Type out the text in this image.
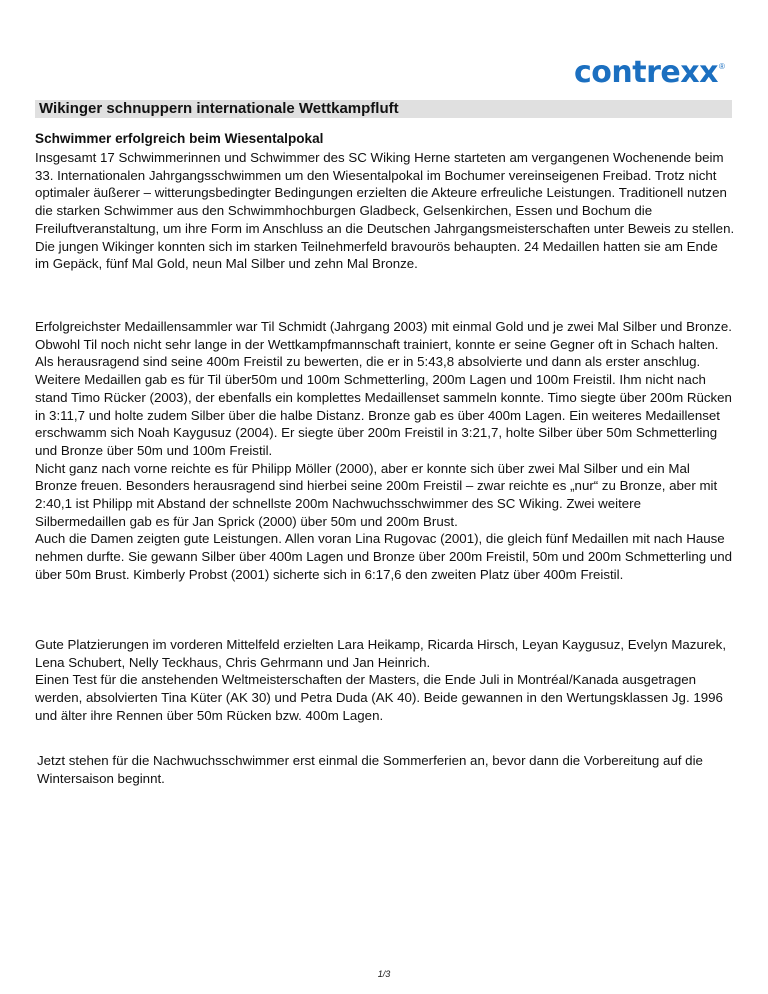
contrexx®
Wikinger schnuppern internationale Wettkampfluft
Schwimmer erfolgreich beim Wiesentalpokal

Insgesamt 17 Schwimmerinnen und Schwimmer des SC Wiking Herne starteten am vergangenen Wochenende beim 33. Internationalen Jahrgangsschwimmen um den Wiesentalpokal im Bochumer vereinseigenen Freibad. Trotz nicht optimaler äußerer – witterungsbedingter Bedingungen erzielten die Akteure erfreuliche Leistungen. Traditionell nutzen die starken Schwimmer aus den Schwimmhochburgen Gladbeck, Gelsenkirchen, Essen und Bochum die Freiluftveranstaltung, um ihre Form im Anschluss an die Deutschen Jahrgangsmeisterschaften unter Beweis zu stellen. Die jungen Wikinger konnten sich im starken Teilnehmerfeld bravourös behaupten. 24 Medaillen hatten sie am Ende im Gepäck, fünf Mal Gold, neun Mal Silber und zehn Mal Bronze.

Erfolgreichster Medaillensammler war Til Schmidt (Jahrgang 2003) mit einmal Gold und je zwei Mal Silber und Bronze. Obwohl Til noch nicht sehr lange in der Wettkampfmannschaft trainiert, konnte er seine Gegner oft in Schach halten. Als herausragend sind seine 400m Freistil zu bewerten, die er in 5:43,8 absolvierte und dann als erster anschlug. Weitere Medaillen gab es für Til über50m und 100m Schmetterling, 200m Lagen und 100m Freistil. Ihm nicht nach stand Timo Rücker (2003), der ebenfalls ein komplettes Medaillenset sammeln konnte. Timo siegte über 200m Rücken in 3:11,7 und holte zudem Silber über die halbe Distanz. Bronze gab es über 400m Lagen. Ein weiteres Medaillenset erschwamm sich Noah Kaygusuz (2004). Er siegte über 200m Freistil in 3:21,7, holte Silber über 50m Schmetterling und Bronze über 50m und 100m Freistil.
Nicht ganz nach vorne reichte es für Philipp Möller (2000), aber er konnte sich über zwei Mal Silber und ein Mal Bronze freuen. Besonders herausragend sind hierbei seine 200m Freistil – zwar reichte es „nur“ zu Bronze, aber mit 2:40,1 ist Philipp mit Abstand der schnellste 200m Nachwuchsschwimmer des SC Wiking. Zwei weitere Silbermedaillen gab es für Jan Sprick (2000) über 50m und 200m Brust.
Auch die Damen zeigten gute Leistungen. Allen voran Lina Rugovac (2001), die gleich fünf Medaillen mit nach Hause nehmen durfte. Sie gewann Silber über 400m Lagen und Bronze über 200m Freistil, 50m und 200m Schmetterling und über 50m Brust. Kimberly Probst (2001) sicherte sich in 6:17,6 den zweiten Platz über 400m Freistil.
Gute Platzierungen im vorderen Mittelfeld erzielten Lara Heikamp, Ricarda Hirsch, Leyan Kaygusuz, Evelyn Mazurek, Lena Schubert, Nelly Teckhaus, Chris Gehrmann und Jan Heinrich.
Einen Test für die anstehenden Weltmeisterschaften der Masters, die Ende Juli in Montréal/Kanada ausgetragen werden, absolvierten Tina Küter (AK 30) und Petra Duda (AK 40). Beide gewannen in den Wertungsklassen Jg. 1996 und älter ihre Rennen über 50m Rücken bzw. 400m Lagen.

Jetzt stehen für die Nachwuchsschwimmer erst einmal die Sommerferien an, bevor dann die Vorbereitung auf die Wintersaison beginnt.

1/3
